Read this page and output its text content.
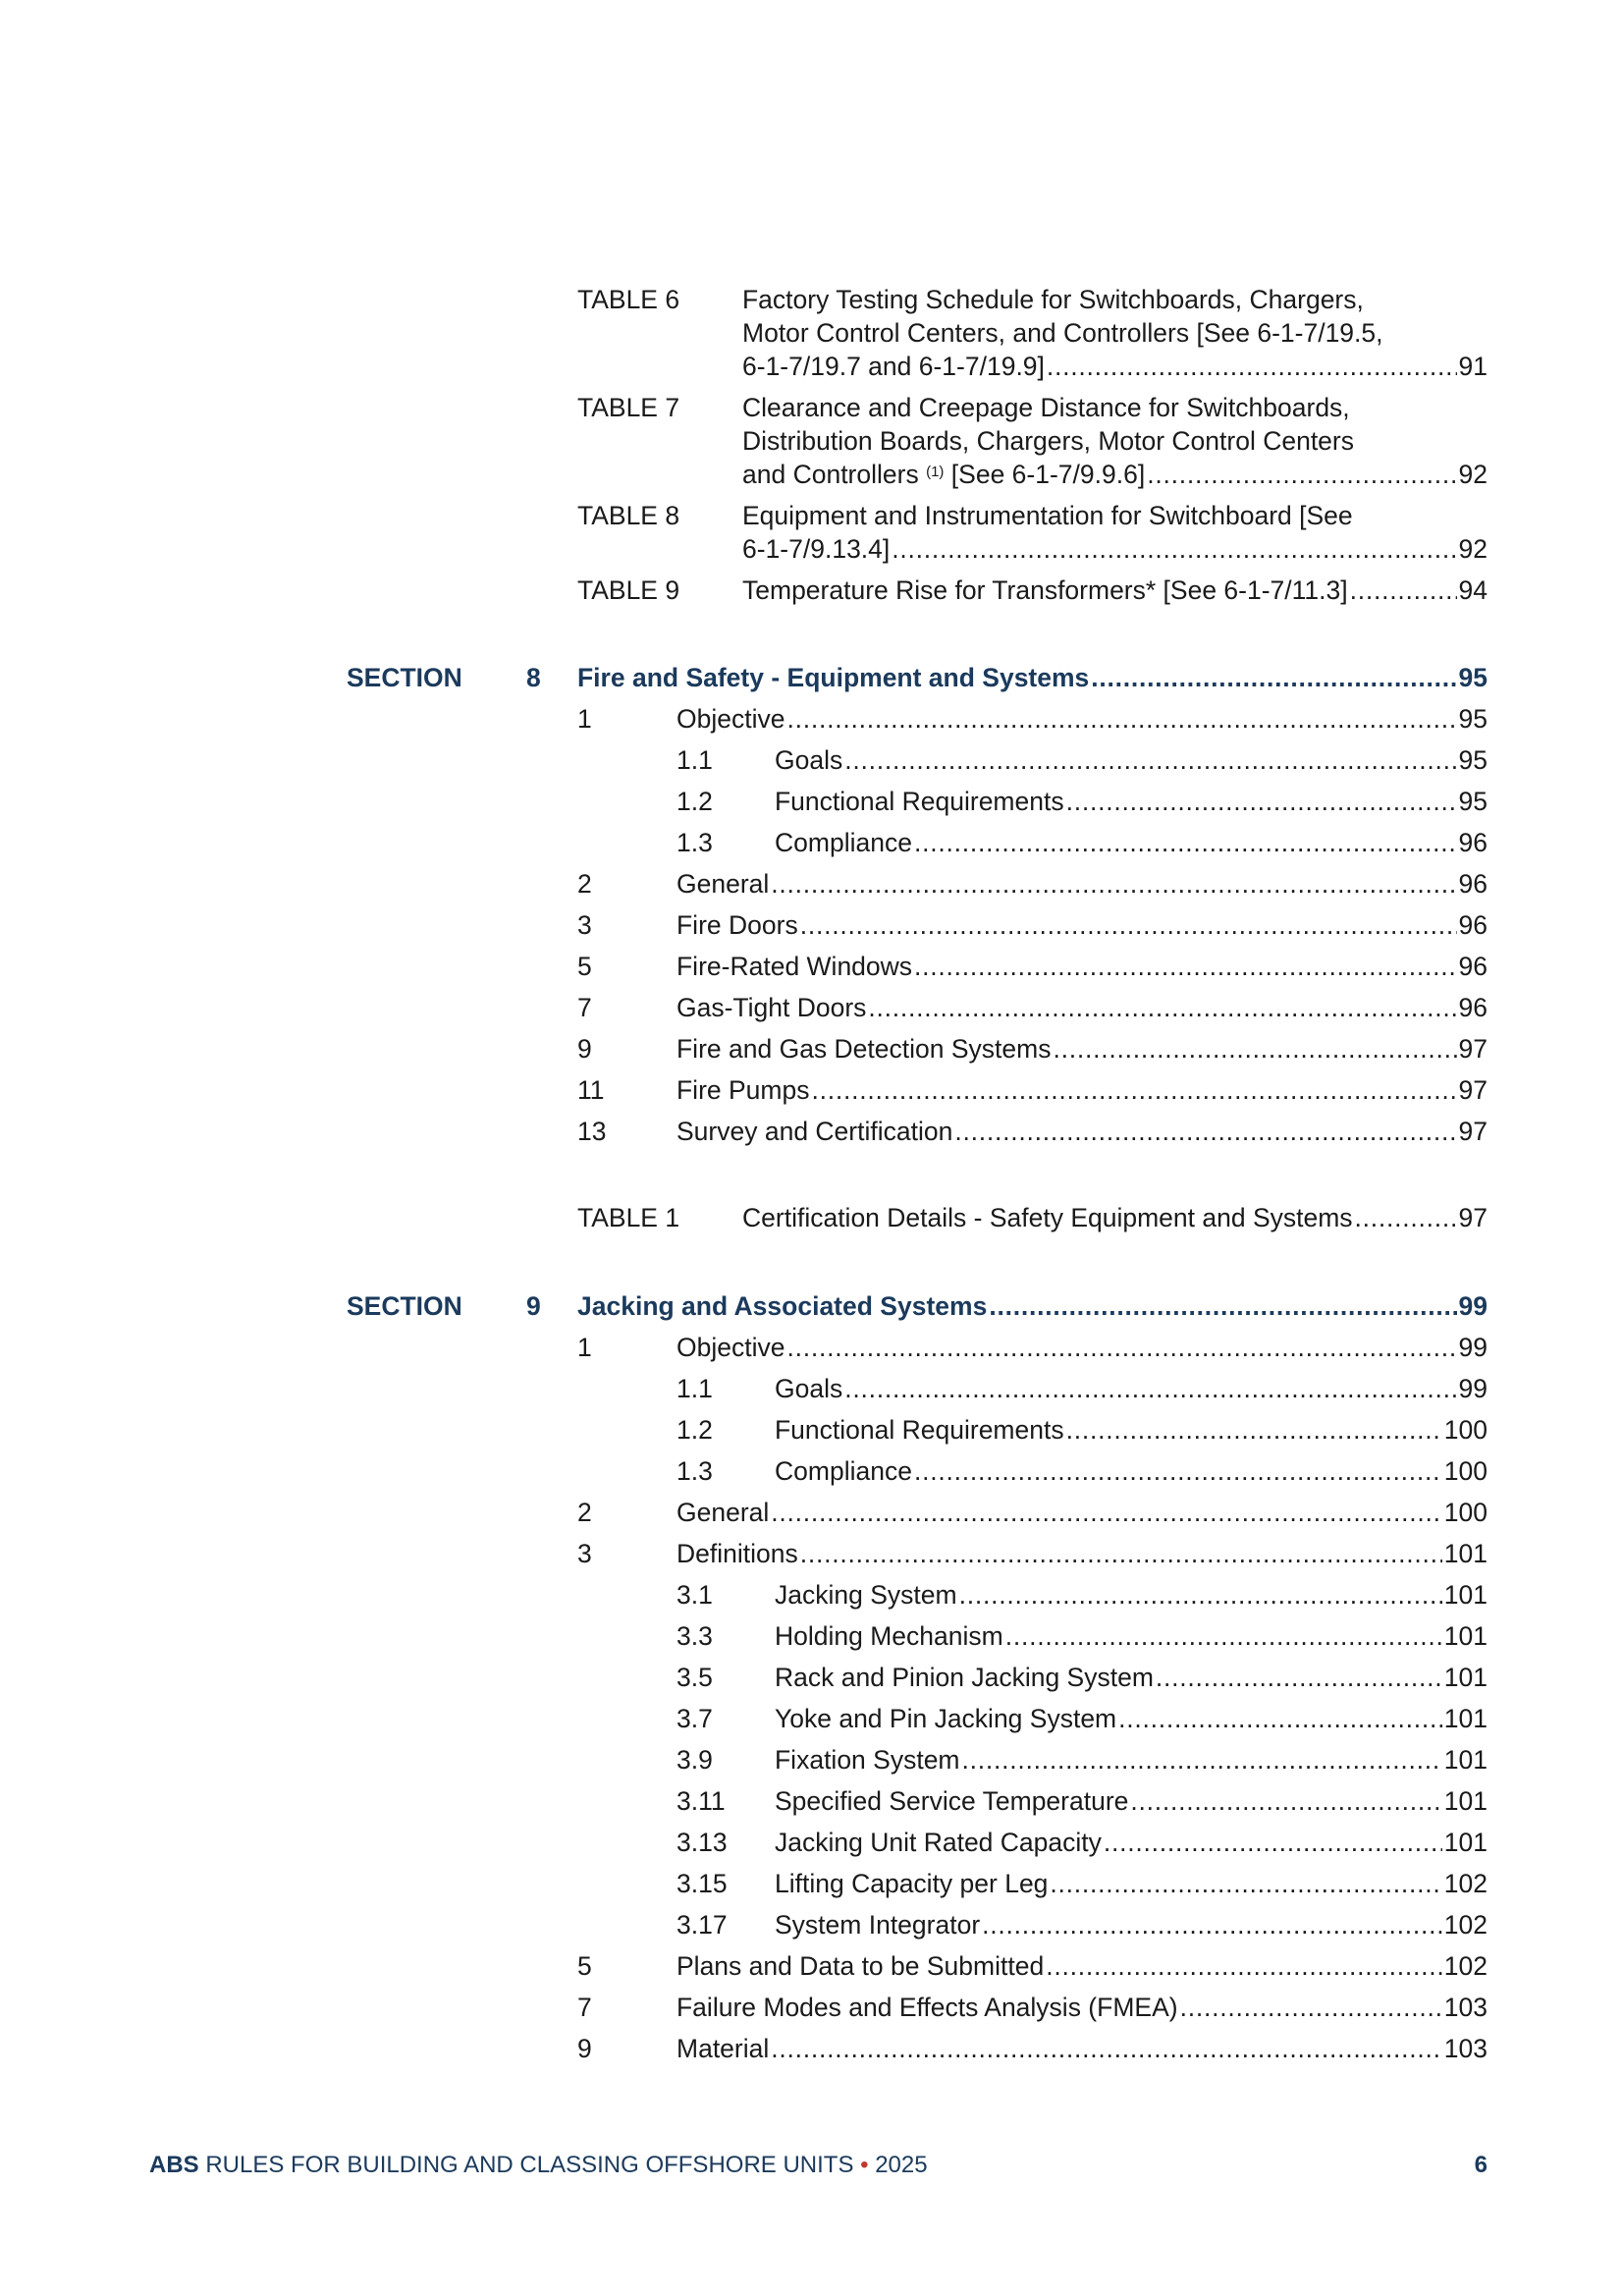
TABLE 6 Factory Testing Schedule for Switchboards, Chargers,
Motor Control Centers, and Controllers [See 6-1-7/19.5,
6-1-7/19.7 and 6-1-7/19.9] . . .	91
TABLE 7 Clearance and Creepage Distance for Switchboards,
Distribution Boards, Chargers, Motor Control Centers
and Controllers $^{(1)}$ [See 6-1-7/9.9.6] . . .	92
TABLE 8 Equipment and Instrumentation for Switchboard [See
6-1-7/9.13.4] . . .	92
TABLE 9 Temperature Rise for Transformers* [See 6-1-7/11.3] . . .	94
SECTION 8 Fire and Safety - Equipment and Systems . . .	95
1	Objective . . .	95
1.1 Goals . . .	95
1.2 Functional Requirements . . .	95
1.3 Compliance . . .	96
2	General . . .	96
3	Fire Doors . . .	96
5	Fire-Rated Windows . . .	96
7	Gas-Tight Doors . . .	96
9	Fire and Gas Detection Systems . . .	97
11	Fire Pumps . . .	97
13	Survey and Certification . . .	97
TABLE 1 Certification Details - Safety Equipment and Systems . . .	97
SECTION 9 Jacking and Associated Systems . . .	99
1	Objective . . .	99
1.1 Goals . . .	99
1.2 Functional Requirements . . .	100
1.3 Compliance . . .	100
2	General . . .	100
3	Definitions . . .	101
3.1 Jacking System . . .	101
3.3 Holding Mechanism . . .	101
3.5 Rack and Pinion Jacking System . . .	101
3.7 Yoke and Pin Jacking System . . .	101
3.9 Fixation System . . .	101
3.11 Specified Service Temperature . . .	101
3.13 Jacking Unit Rated Capacity . . .	101
3.15 Lifting Capacity per Leg . . .	102
3.17 System Integrator . . .	102
5	Plans and Data to be Submitted . . .	102
7	Failure Modes and Effects Analysis (FMEA) . . .	103
9	Material . . .	103
ABS RULES FOR BUILDING AND CLASSING OFFSHORE UNITS • 2025	6
